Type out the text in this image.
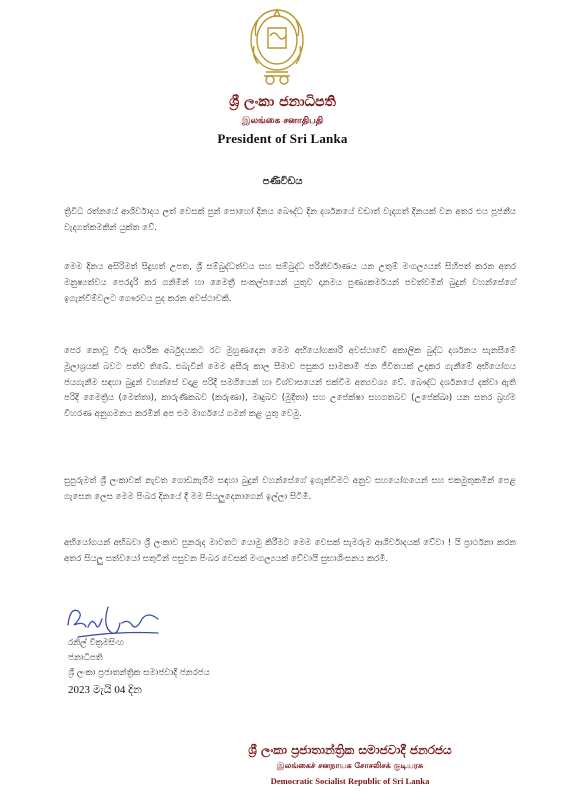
ශ්‍රී ලංකා ජනාධිපති
இலங்கை சனாதிபதி
President of Sri Lanka
පණිවිඩය

ත්‍රිවිධ රත්නයේ ආශිර්වාදය ලත් වෙසක් පුන් පොහෝ දිනය බෞද්ධ දින දර්ශනයේ වඩාත් වැදගත් දිනයක් වන අතර එය පූජනීය වැදගත්කමකින් යුක්ත වේ.

මෙම දිනය අසිරිමත් සිදුහත් උපත, ශ්‍රී සම්බුද්ධත්වය සහ සම්බුද්ධ පරිනිර්වාණය යන උතුම් මංගල්‍යයන් සිහිපත් කරන අතර මනුෂ්‍යත්වය පෙරදැරි කර ගනිමින් හා මෛත්‍රී සංකල්පයෙන් යුතුව දානමය පුණ්‍යකර්මයන් පවත්වමින් බුදුන් වහන්සේගේ ඉගැන්වීම්වලට ගෞරවය පුද කරන අවස්ථාවකි.

පෙර නොවූ විරූ ආර්ථික අර්බුදයකට රට මුහුණදෙන මෙම අභියෝගකාරී අවස්ථාවේ අකාලික බුද්ධ දර්ශනය සැනසීමේ මූලාශ්‍රයක් බවට පත්ව තිබේ. එබැවින් මෙම අසීරු කාල සීමාව පසුකර සාමකාමී ජන ජීවිතයක් උදාකර ගැනීමේ අභියෝගය ජයගැනීම සඳහා බුදුන් වහන්සේ වදාළ පරිදි සමගියෙන් හා විශ්වාසයෙන් එක්වීම අත්‍යවශ්‍ය වේ. බෞද්ධ දර්ශනයේ දක්වා ඇති පරිදි මෛත්‍රිය (මෙත්තා), කාරුණිකබව (කරුණා), මෘදුබව (මුදිතා) සහ උපේක්ෂා සහගතබව (උපේක්ඛා) යන සතර බ්‍රහ්ම විහරණ අනුගමනය කරමින් අප එම මාර්ගයේ ගමන් කළ යුතු වෙමු.

සුපුරුමත් ශ්‍රී ලංකාවක් නැවත ගොඩනැගීම සඳහා බුදුන් වහන්සේගේ ඉගැන්වීමට අනුව සහයෝගයෙන් සහ එකමුතුකමින් පෙළ ගැසෙන ලෙස මෙම පිංබර දිනයේ දී මම සියලුදෙනාගෙන් ඉල්ලා සිටිමි.

අභියෝගයන් අභිබවා ශ්‍රී ලංකාව පුනරුද මාවතට යොමු කිරීමට මෙම වෙසක් සැමරුම ආශිර්වාදයක් වේවා ! යි ප්‍රාර්ථනා කරන අතර සියලු සත්වයෝ සතුටින් පසුවන පිංබර වෙසක් මංගල්‍යයක් වේවායි සුභාශිංසනය කරමි.

රනිල් වික්‍රමසිංහ
ජනාධිපති
ශ්‍රී ලංකා ප්‍රජාතන්ත්‍රික සමාජවාදී ජනරජය
2023 මැයි 04 දින
ශ්‍රී ලංකා ප්‍රජාතාන්ත්‍රික සමාජවාදී ජනරජය
இலங்கைச் சனநாயக சோசலிசக் குடியரசு
Democratic Socialist Republic of Sri Lanka
